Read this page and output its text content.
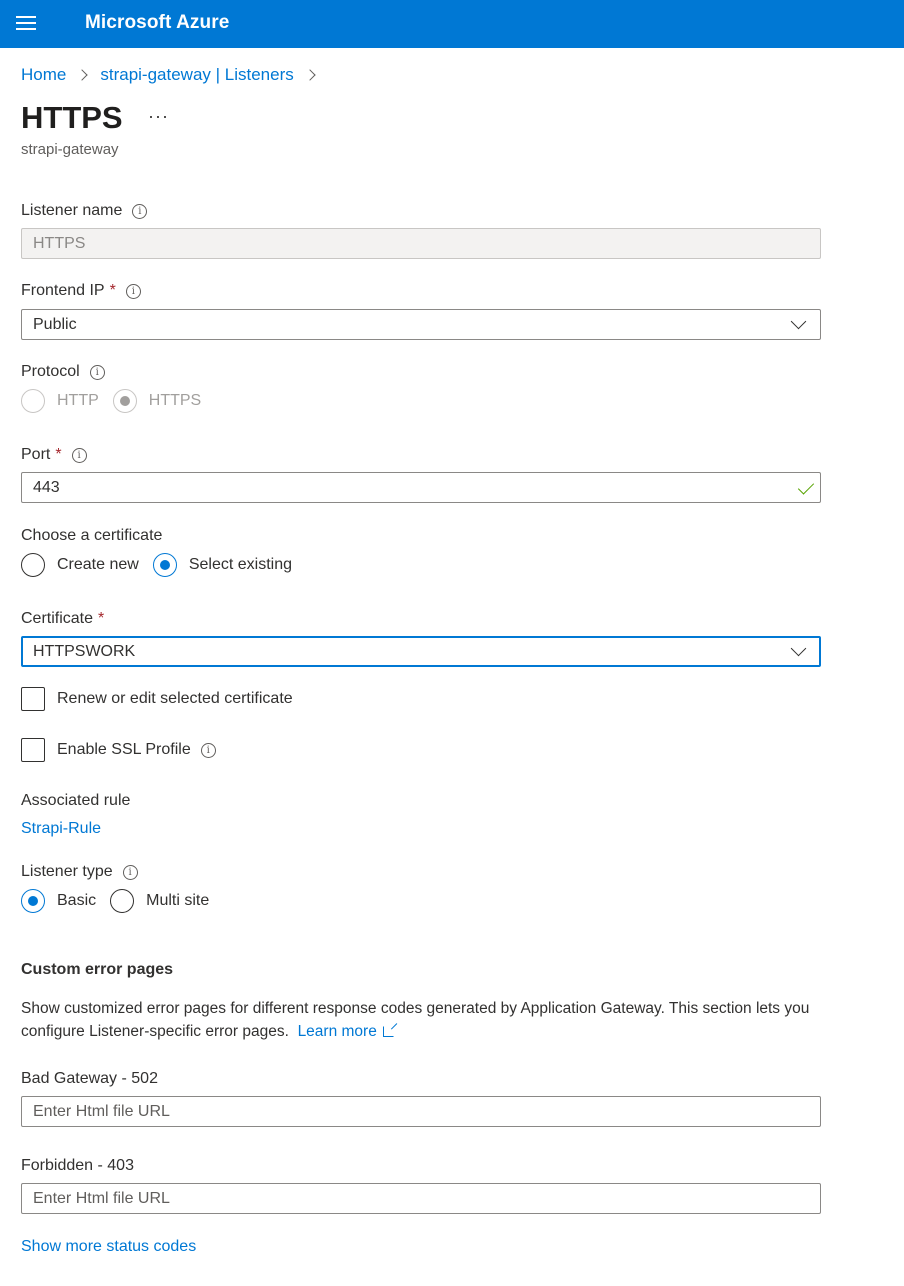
Microsoft Azure
Home strapi-gateway | Listeners
HTTPS ···
strapi-gateway
Listener name	i
HTTPS
Frontend IP *	i
Public
Protocol	i
HTTP	HTTPS
Port *	i
443
Choose a certificate
Create new	Select existing
Certificate *
HTTPSWORK
Renew or edit selected certificate
Enable SSL Profile	i
Associated rule
Strapi-Rule
Listener type	i
Basic	Multi site
Custom error pages
Show customized error pages for different response codes generated by Application Gateway. This section lets you configure Listener-specific error pages. Learn more
Bad Gateway - 502
Enter Html file URL
Forbidden - 403
Enter Html file URL
Show more status codes
